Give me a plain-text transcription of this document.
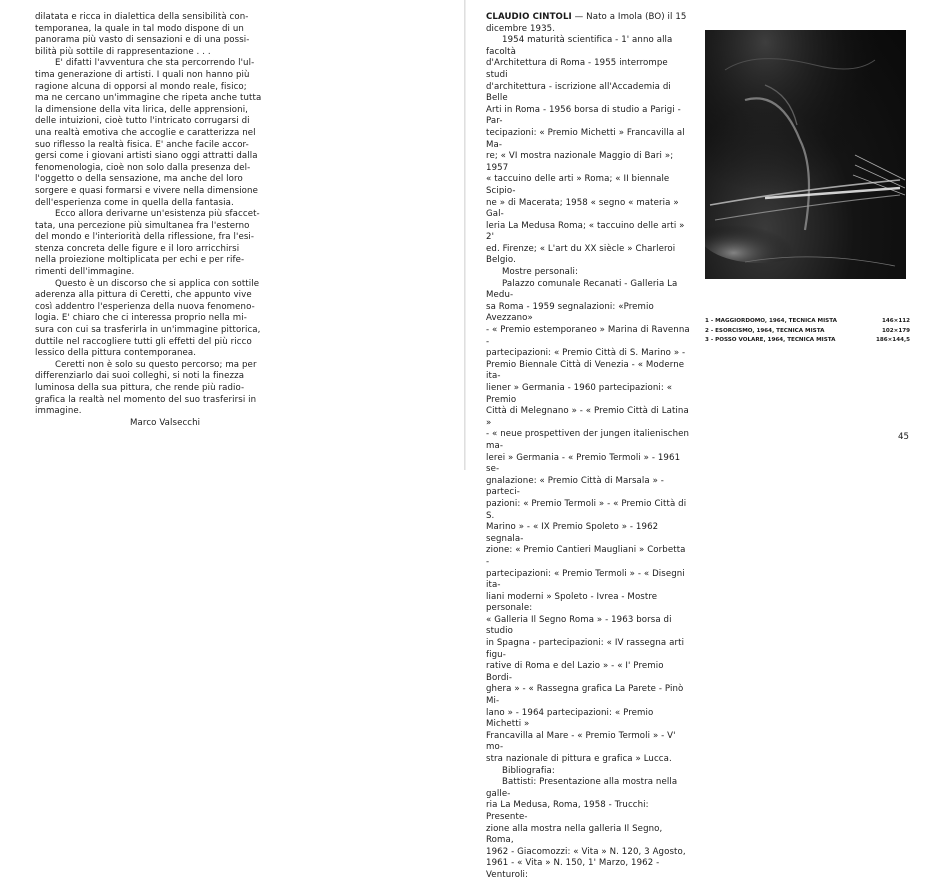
dilatata e ricca in dialettica della sensibilità con-
temporanea, la quale in tal modo dispone di un
panorama più vasto di sensazioni e di una possi-
bilità più sottile di rappresentazione . . .

E' difatti l'avventura che sta percorrendo l'ul-
tima generazione di artisti. I quali non hanno più
ragione alcuna di opporsi al mondo reale, fisico;
ma ne cercano un'immagine che ripeta anche tutta
la dimensione della vita lirica, delle apprensioni,
delle intuizioni, cioè tutto l'intricato corrugarsi di
una realtà emotiva che accoglie e caratterizza nel
suo riflesso la realtà fisica. E' anche facile accor-
gersi come i giovani artisti siano oggi attratti dalla
fenomenologia, cioè non solo dalla presenza del-
l'oggetto o della sensazione, ma anche del loro
sorgere e quasi formarsi e vivere nella dimensione
dell'esperienza come in quella della fantasia.

Ecco allora derivarne un'esistenza più sfaccet-
tata, una percezione più simultanea fra l'esterno
del mondo e l'interiorità della riflessione, fra l'esi-
stenza concreta delle figure e il loro arricchirsi
nella proiezione moltiplicata per echi e per rife-
rimenti dell'immagine.

Questo è un discorso che si applica con sottile
aderenza alla pittura di Ceretti, che appunto vive
così addentro l'esperienza della nuova fenomeno-
logia. E' chiaro che ci interessa proprio nella mi-
sura con cui sa trasferirla in un'immagine pittorica,
duttile nel raccogliere tutti gli effetti del più ricco
lessico della pittura contemporanea.

Ceretti non è solo su questo percorso; ma per
differenziarlo dai suoi colleghi, si noti la finezza
luminosa della sua pittura, che rende più radio-
grafica la realtà nel momento del suo trasferirsi in
immagine.

Marco Valsecchi

CLAUDIO CINTOLI — Nato a Imola (BO) il 15
dicembre 1935.

1954 maturità scientifica - 1' anno alla facoltà
d'Architettura di Roma - 1955 interrompe studi
d'architettura - iscrizione all'Accademia di Belle
Arti in Roma - 1956 borsa di studio a Parigi - Par-
tecipazioni: « Premio Michetti » Francavilla al Ma-
re; « VI mostra nazionale Maggio di Bari »; 1957
« taccuino delle arti » Roma; « II biennale Scipio-
ne » di Macerata; 1958 « segno « materia » Gal-
leria La Medusa Roma; « taccuino delle arti » 2'
ed. Firenze; « L'art du XX siècle » Charleroi Belgio.

Mostre personali:

Palazzo comunale Recanati - Galleria La Medu-
sa Roma - 1959 segnalazioni: «Premio Avezzano»
- « Premio estemporaneo » Marina di Ravenna -
partecipazioni: « Premio Città di S. Marino » -
Premio Biennale Città di Venezia - « Moderne ita-
liener » Germania - 1960 partecipazioni: « Premio
Città di Melegnano » - « Premio Città di Latina »
- « neue prospettiven der jungen italienischen ma-
lerei » Germania - « Premio Termoli » - 1961 se-
gnalazione: « Premio Città di Marsala » - parteci-
pazioni: « Premio Termoli » - « Premio Città di S.
Marino » - « IX Premio Spoleto » - 1962 segnala-
zione: « Premio Cantieri Maugliani » Corbetta -
partecipazioni: « Premio Termoli » - « Disegni ita-
liani moderni » Spoleto - Ivrea - Mostre personale:
« Galleria Il Segno Roma » - 1963 borsa di studio
in Spagna - partecipazioni: « IV rassegna arti figu-
rative di Roma e del Lazio » - « I' Premio Bordi-
ghera » - « Rassegna grafica La Parete - Pinò Mi-
lano » - 1964 partecipazioni: « Premio Michetti »
Francavilla al Mare - « Premio Termoli » - V' mo-
stra nazionale di pittura e grafica » Lucca.

Bibliografia:

Battisti: Presentazione alla mostra nella galle-
ria La Medusa, Roma, 1958 - Trucchi: Presente-
zione alla mostra nella galleria Il Segno, Roma,
1962 - Giacomozzi: « Vita » N. 120, 3 Agosto,
1961 - « Vita » N. 150, 1' Marzo, 1962 - Venturoli:

1 - MAGGIORDOMO, 1964, TECNICA MISTA	146×112
2 - ESORCISMO, 1964, TECNICA MISTA	102×179
3 - POSSO VOLARE, 1964, TECNICA MISTA	186×144,5
45
